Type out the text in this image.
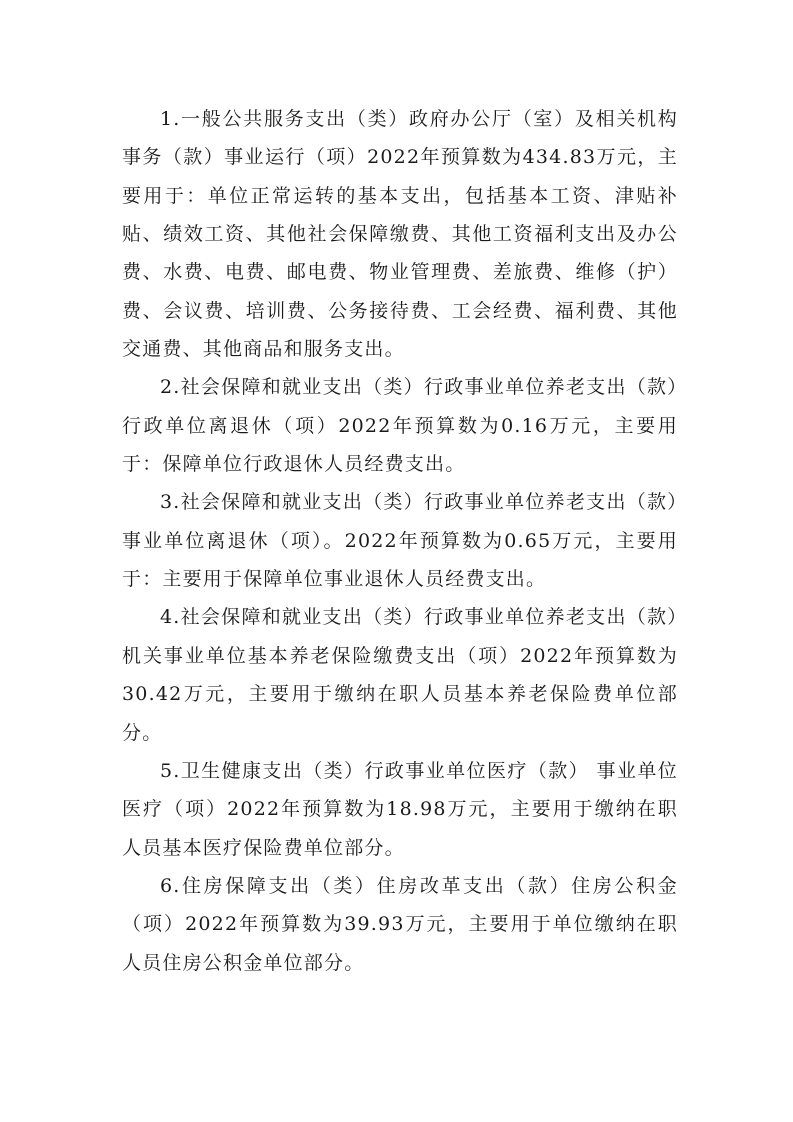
1.一般公共服务支出（类）政府办公厅（室）及相关机构事务（款）事业运行（项）2022年预算数为434.83万元，主要用于：单位正常运转的基本支出，包括基本工资、津贴补贴、绩效工资、其他社会保障缴费、其他工资福利支出及办公费、水费、电费、邮电费、物业管理费、差旅费、维修（护）费、会议费、培训费、公务接待费、工会经费、福利费、其他交通费、其他商品和服务支出。

2.社会保障和就业支出（类）行政事业单位养老支出（款）行政单位离退休（项）2022年预算数为0.16万元，主要用于：保障单位行政退休人员经费支出。

3.社会保障和就业支出（类）行政事业单位养老支出（款）事业单位离退休（项）。2022年预算数为0.65万元，主要用于：主要用于保障单位事业退休人员经费支出。

4.社会保障和就业支出（类）行政事业单位养老支出（款）机关事业单位基本养老保险缴费支出（项）2022年预算数为30.42万元，主要用于缴纳在职人员基本养老保险费单位部分。

5.卫生健康支出（类）行政事业单位医疗（款） 事业单位医疗（项）2022年预算数为18.98万元，主要用于缴纳在职人员基本医疗保险费单位部分。

6.住房保障支出（类）住房改革支出（款）住房公积金（项）2022年预算数为39.93万元，主要用于单位缴纳在职人员住房公积金单位部分。
